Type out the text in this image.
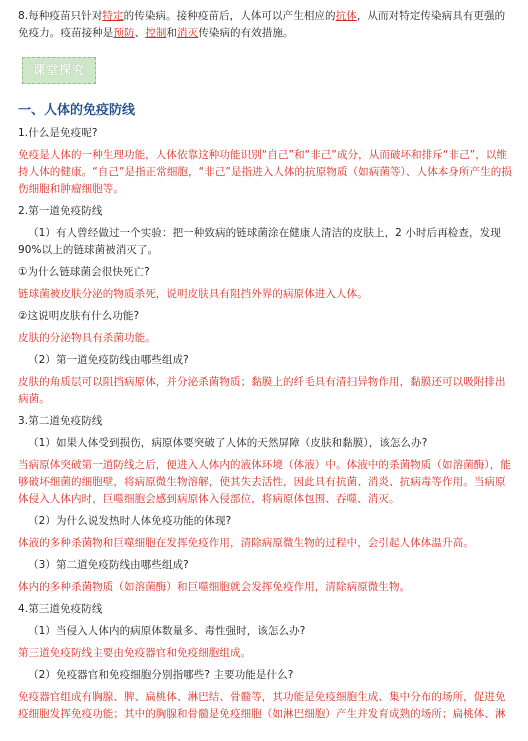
8.每种疫苗只针对特定的传染病。接种疫苗后，人体可以产生相应的抗体，从而对特定传染病具有更强的免疫力。疫苗接种是预防、控制和消灭传染病的有效措施。

课堂探究
一、人体的免疫防线

1.什么是免疫呢?

免疫是人体的一种生理功能，人体依靠这种功能识别“自己”和“非己”成分，从而破坏和排斥“非己”，以维持人体的健康。“自己”是指正常细胞，“非己”是指进入人体的抗原物质（如病菌等）、人体本身所产生的损伤细胞和肿瘤细胞等。

2.第一道免疫防线

（1）有人曾经做过一个实验：把一种致病的链球菌涂在健康人清洁的皮肤上，2 小时后再检查，发现 90%以上的链球菌被消灭了。

①为什么链球菌会很快死亡?

链球菌被皮肤分泌的物质杀死，说明皮肤具有阻挡外界的病原体进入人体。

②这说明皮肤有什么功能?

皮肤的分泌物具有杀菌功能。

（2）第一道免疫防线由哪些组成?

皮肤的角质层可以阻挡病原体，并分泌杀菌物质；黏膜上的纤毛具有清扫异物作用，黏膜还可以吸附排出病菌。

3.第二道免疫防线

（1）如果人体受到损伤，病原体要突破了人体的天然屏障（皮肤和黏膜），该怎么办?

当病原体突破第一道防线之后，便进入人体内的液体环境（体液）中。体液中的杀菌物质（如溶菌酶），能够破坏细菌的细胞壁，将病原微生物溶解，使其失去活性，因此具有抗菌、消炎、抗病毒等作用。当病原体侵入人体内时，巨噬细胞会感到病原体入侵部位，将病原体包围、吞噬、消灭。

（2）为什么说发热时人体免疫功能的体现?

体液的多种杀菌物和巨噬细胞在发挥免疫作用，清除病原微生物的过程中，会引起人体体温升高。

（3）第二道免疫防线由哪些组成?

体内的多种杀菌物质（如溶菌酶）和巨噬细胞就会发挥免疫作用，清除病原微生物。

4.第三道免疫防线

（1）当侵入人体内的病原体数量多、毒性强时，该怎么办?

第三道免疫防线主要由免疫器官和免疫细胞组成。

（2）免疫器官和免疫细胞分别指哪些? 主要功能是什么?

免疫器官组成有胸腺、脾、扁桃体、淋巴结、骨髓等，其功能是免疫细胞生成、集中分布的场所，促进免疫细胞发挥免疫功能；其中的胸腺和骨髓是免疫细胞（如淋巴细胞）产生并发育成熟的场所；扁桃体、淋
